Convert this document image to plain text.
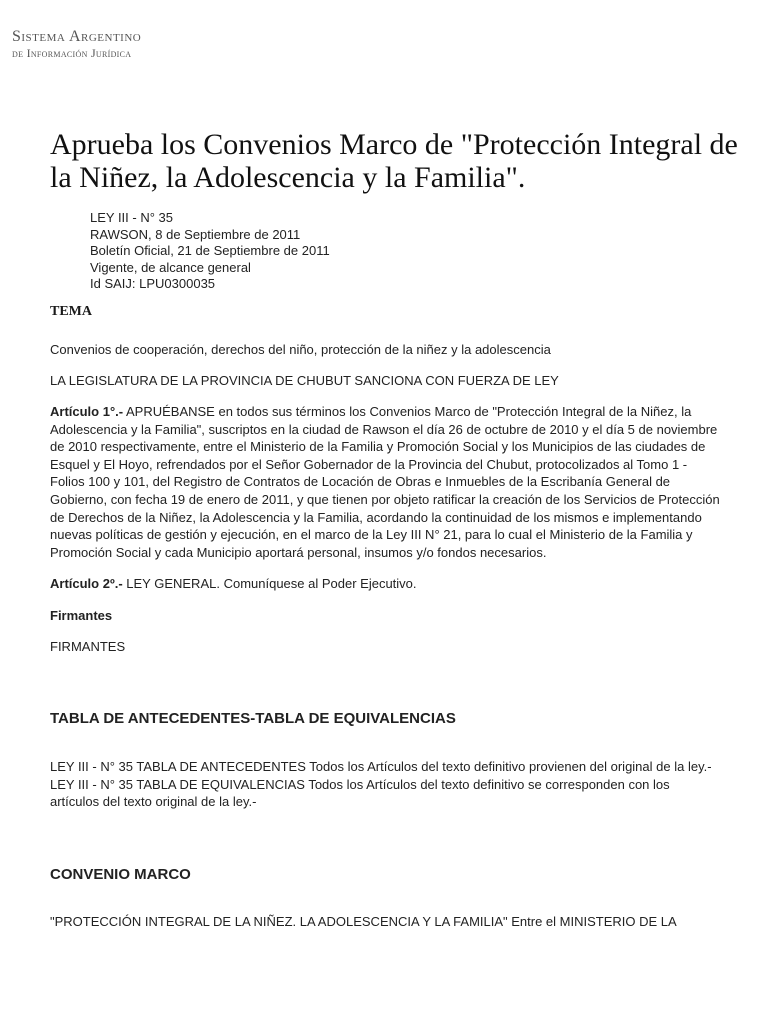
Sistema Argentino
de Información Jurídica
Aprueba los Convenios Marco de "Protección Integral de la Niñez, la Adolescencia y la Familia".
LEY III - N° 35
RAWSON, 8 de Septiembre de 2011
Boletín Oficial, 21 de Septiembre de 2011
Vigente, de alcance general
Id SAIJ: LPU0300035
TEMA

Convenios de cooperación, derechos del niño, protección de la niñez y la adolescencia

LA LEGISLATURA DE LA PROVINCIA DE CHUBUT SANCIONA CON FUERZA DE LEY

Artículo 1°.- APRUÉBANSE en todos sus términos los Convenios Marco de "Protección Integral de la Niñez, la Adolescencia y la Familia", suscriptos en la ciudad de Rawson el día 26 de octubre de 2010 y el día 5 de noviembre de 2010 respectivamente, entre el Ministerio de la Familia y Promoción Social y los Municipios de las ciudades de Esquel y El Hoyo, refrendados por el Señor Gobernador de la Provincia del Chubut, protocolizados al Tomo 1 - Folios 100 y 101, del Registro de Contratos de Locación de Obras e Inmuebles de la Escribanía General de Gobierno, con fecha 19 de enero de 2011, y que tienen por objeto ratificar la creación de los Servicios de Protección de Derechos de la Niñez, la Adolescencia y la Familia, acordando la continuidad de los mismos e implementando nuevas políticas de gestión y ejecución, en el marco de la Ley III N° 21, para lo cual el Ministerio de la Familia y Promoción Social y cada Municipio aportará personal, insumos y/o fondos necesarios.

Artículo 2º.- LEY GENERAL. Comuníquese al Poder Ejecutivo.

Firmantes

FIRMANTES

TABLA DE ANTECEDENTES-TABLA DE EQUIVALENCIAS

LEY III - N° 35 TABLA DE ANTECEDENTES Todos los Artículos del texto definitivo provienen del original de la ley.- LEY III - N° 35 TABLA DE EQUIVALENCIAS Todos los Artículos del texto definitivo se corresponden con los artículos del texto original de la ley.-

CONVENIO MARCO

"PROTECCIÓN INTEGRAL DE LA NIÑEZ. LA ADOLESCENCIA Y LA FAMILIA" Entre el MINISTERIO DE LA
